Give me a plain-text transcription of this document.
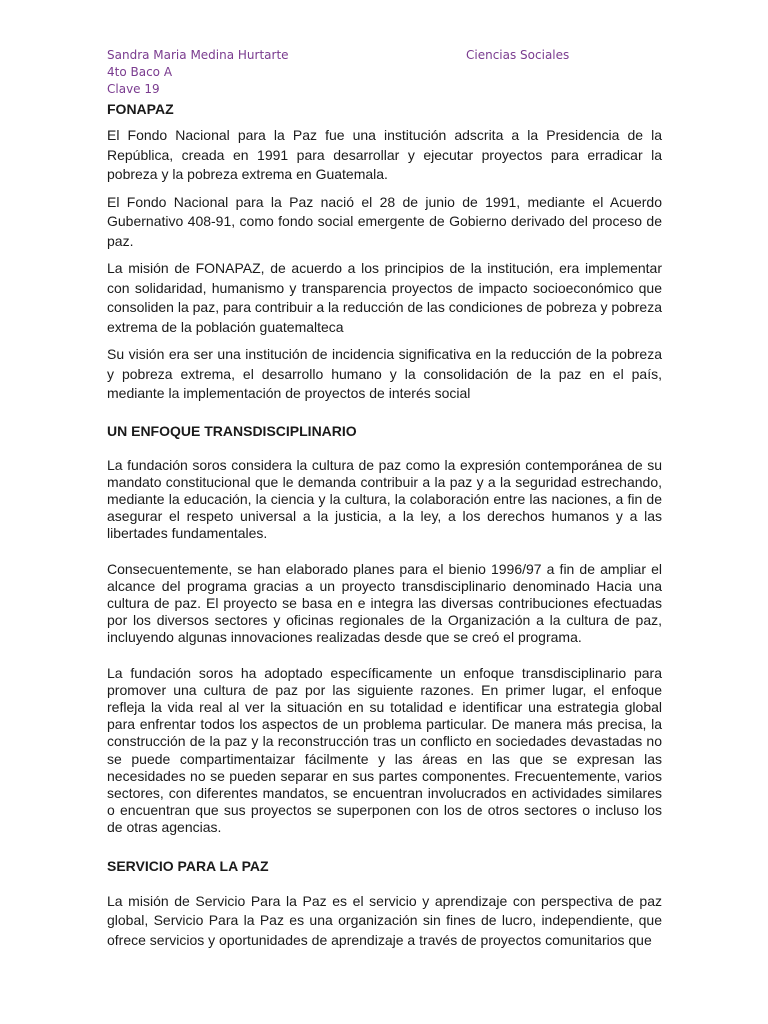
Sandra Maria Medina Hurtarte	Ciencias Sociales
4to Baco A
Clave 19
FONAPAZ

El Fondo Nacional para la Paz fue una institución adscrita a la Presidencia de la República, creada en 1991 para desarrollar y ejecutar proyectos para erradicar la pobreza y la pobreza extrema en Guatemala.

El Fondo Nacional para la Paz nació el 28 de junio de 1991, mediante el Acuerdo Gubernativo 408-91, como fondo social emergente de Gobierno derivado del proceso de paz.

La misión de FONAPAZ, de acuerdo a los principios de la institución, era implementar con solidaridad, humanismo y transparencia proyectos de impacto socioeconómico que consoliden la paz, para contribuir a la reducción de las condiciones de pobreza y pobreza extrema de la población guatemalteca

Su visión era ser una institución de incidencia significativa en la reducción de la pobreza y pobreza extrema, el desarrollo humano y la consolidación de la paz en el país, mediante la implementación de proyectos de interés social

UN ENFOQUE TRANSDISCIPLINARIO

La fundación soros considera la cultura de paz como la expresión contemporánea de su mandato constitucional que le demanda contribuir a la paz y a la seguridad estrechando, mediante la educación, la ciencia y la cultura, la colaboración entre las naciones, a fin de asegurar el respeto universal a la justicia, a la ley, a los derechos humanos y a las libertades fundamentales.

Consecuentemente, se han elaborado planes para el bienio 1996/97 a fin de ampliar el alcance del programa gracias a un proyecto transdisciplinario denominado Hacia una cultura de paz. El proyecto se basa en e integra las diversas contribuciones efectuadas por los diversos sectores y oficinas regionales de la Organización a la cultura de paz, incluyendo algunas innovaciones realizadas desde que se creó el programa.

La fundación soros ha adoptado específicamente un enfoque transdisciplinario para promover una cultura de paz por las siguiente razones. En primer lugar, el enfoque refleja la vida real al ver la situación en su totalidad e identificar una estrategia global para enfrentar todos los aspectos de un problema particular. De manera más precisa, la construcción de la paz y la reconstrucción tras un conflicto en sociedades devastadas no se puede compartimentaizar fácilmente y las áreas en las que se expresan las necesidades no se pueden separar en sus partes componentes. Frecuentemente, varios sectores, con diferentes mandatos, se encuentran involucrados en actividades similares o encuentran que sus proyectos se superponen con los de otros sectores o incluso los de otras agencias.

SERVICIO PARA LA PAZ

La misión de Servicio Para la Paz es el servicio y aprendizaje con perspectiva de paz global, Servicio Para la Paz es una organización sin fines de lucro, independiente, que ofrece servicios y oportunidades de aprendizaje a través de proyectos comunitarios que
